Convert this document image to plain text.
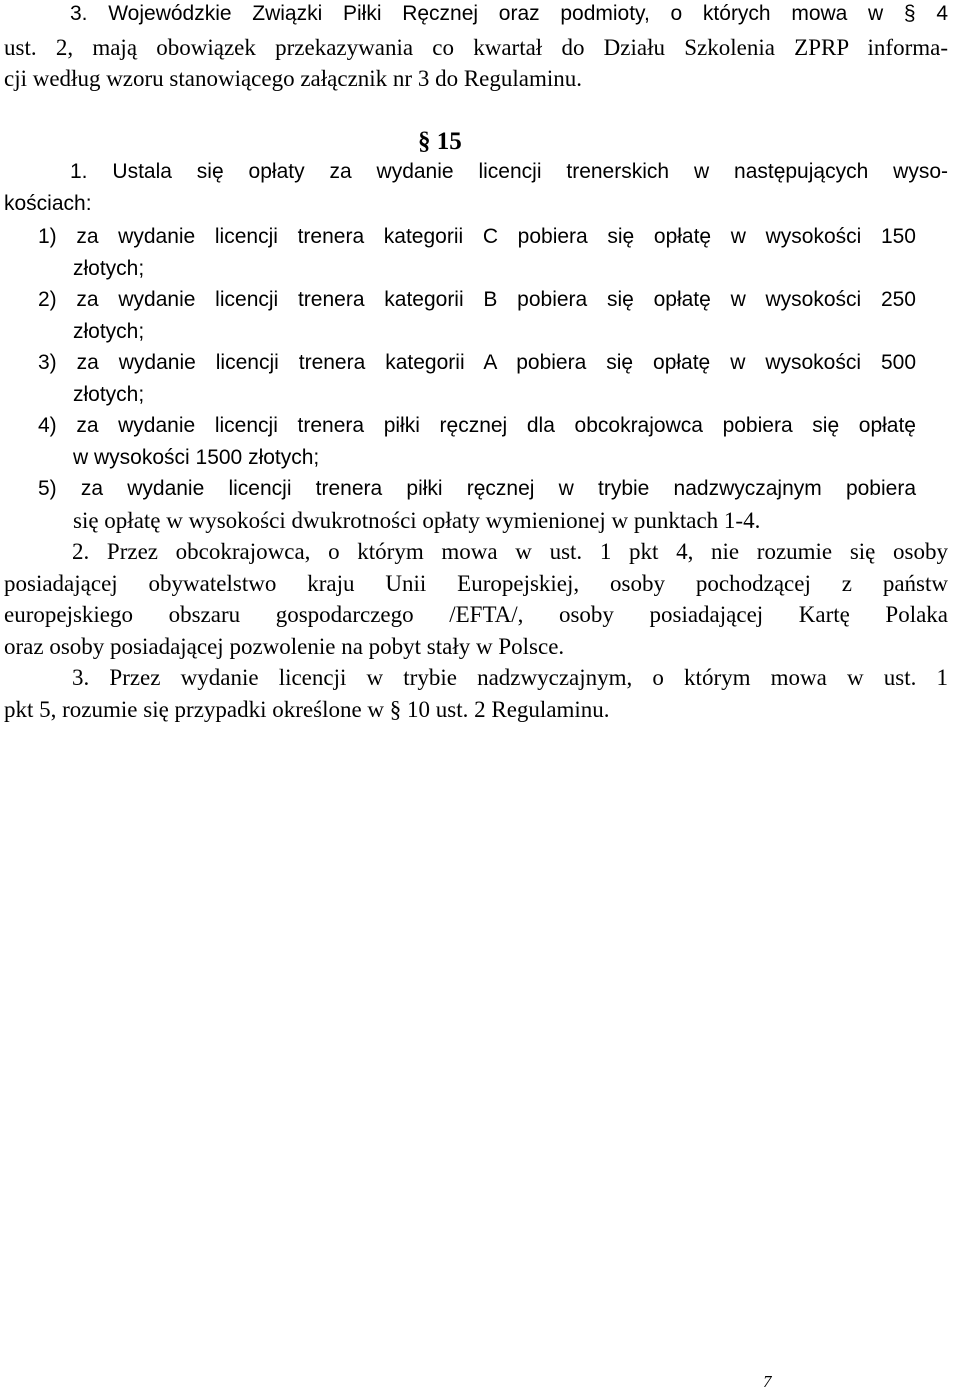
3. Wojewódzkie Związki Piłki Ręcznej oraz podmioty, o których mowa w § 4
ust. 2, mają obowiązek przekazywania co kwartał do Działu Szkolenia ZPRP informa-
cji według wzoru stanowiącego załącznik nr 3 do Regulaminu.
§ 15
1. Ustala się opłaty za wydanie licencji trenerskich w następujących wyso-
kościach:
1) za wydanie licencji trenera kategorii C pobiera się opłatę w wysokości 150
złotych;
2) za wydanie licencji trenera kategorii B pobiera się opłatę w wysokości 250
złotych;
3) za wydanie licencji trenera kategorii A pobiera się opłatę w wysokości 500
złotych;
4) za wydanie licencji trenera piłki ręcznej dla obcokrajowca pobiera się opłatę
w wysokości 1500 złotych;
5) za wydanie licencji trenera piłki ręcznej w trybie nadzwyczajnym pobiera
się opłatę w wysokości dwukrotności opłaty wymienionej w punktach 1-4.
2. Przez obcokrajowca, o którym mowa w ust. 1 pkt 4, nie rozumie się osoby
posiadającej obywatelstwo kraju Unii Europejskiej, osoby pochodzącej z państw
europejskiego obszaru gospodarczego /EFTA/, osoby posiadającej Kartę Polaka
oraz osoby posiadającej pozwolenie na pobyt stały w Polsce.
3. Przez wydanie licencji w trybie nadzwyczajnym, o którym mowa w ust. 1
pkt 5, rozumie się przypadki określone w § 10 ust. 2 Regulaminu.
7
